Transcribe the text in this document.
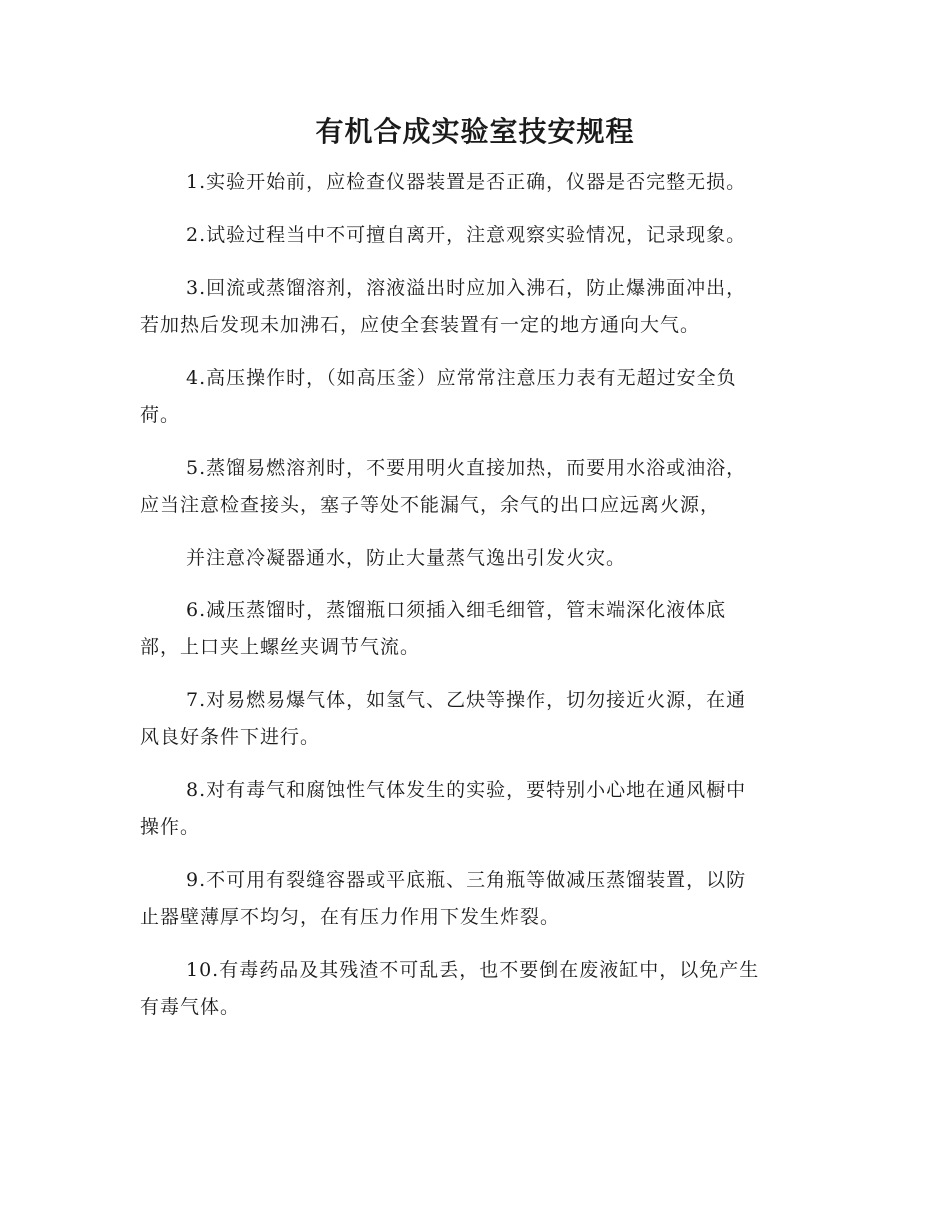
有机合成实验室技安规程

1.实验开始前，应检查仪器装置是否正确，仪器是否完整无损。

2.试验过程当中不可擅自离开，注意观察实验情况，记录现象。

3.回流或蒸馏溶剂，溶液溢出时应加入沸石，防止爆沸面冲出，

若加热后发现未加沸石，应使全套装置有一定的地方通向大气。

4.高压操作时，（如高压釜）应常常注意压力表有无超过安全负

荷。

5.蒸馏易燃溶剂时，不要用明火直接加热，而要用水浴或油浴，

应当注意检查接头，塞子等处不能漏气，余气的出口应远离火源，

并注意冷凝器通水，防止大量蒸气逸出引发火灾。

6.减压蒸馏时，蒸馏瓶口须插入细毛细管，管末端深化液体底

部，上口夹上螺丝夹调节气流。

7.对易燃易爆气体，如氢气、乙炔等操作，切勿接近火源，在通

风良好条件下进行。

8.对有毒气和腐蚀性气体发生的实验，要特别小心地在通风橱中

操作。

9.不可用有裂缝容器或平底瓶、三角瓶等做减压蒸馏装置，以防

止器壁薄厚不均匀，在有压力作用下发生炸裂。

10.有毒药品及其残渣不可乱丢，也不要倒在废液缸中，以免产生

有毒气体。
